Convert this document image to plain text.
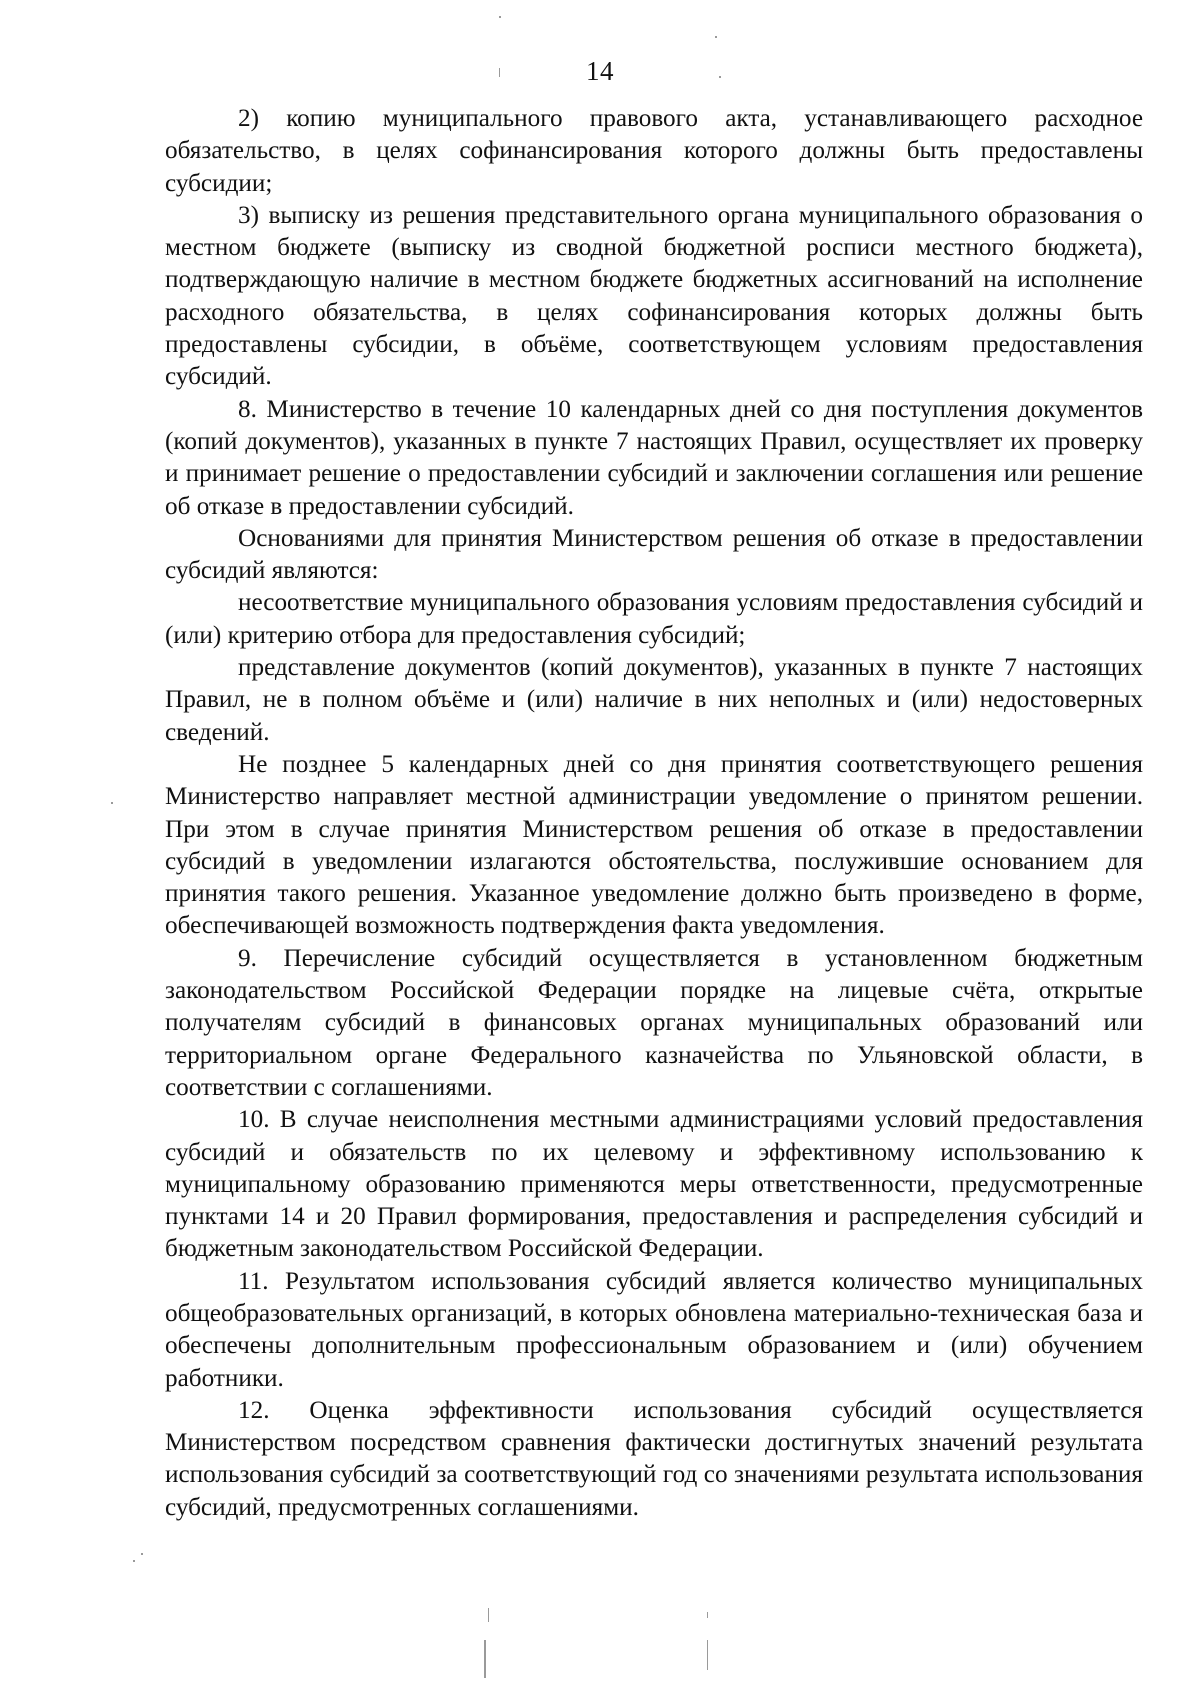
14

2) копию муниципального правового акта, устанавливающего расходное обязательство, в целях софинансирования которого должны быть предоставлены субсидии;

3) выписку из решения представительного органа муниципального образования о местном бюджете (выписку из сводной бюджетной росписи местного бюджета), подтверждающую наличие в местном бюджете бюджетных ассигнований на исполнение расходного обязательства, в целях софинансирования которых должны быть предоставлены субсидии, в объёме, соответствующем условиям предоставления субсидий.

8. Министерство в течение 10 календарных дней со дня поступления документов (копий документов), указанных в пункте 7 настоящих Правил, осуществляет их проверку и принимает решение о предоставлении субсидий и заключении соглашения или решение об отказе в предоставлении субсидий.

Основаниями для принятия Министерством решения об отказе в предоставлении субсидий являются:

несоответствие муниципального образования условиям предоставления субсидий и (или) критерию отбора для предоставления субсидий;

представление документов (копий документов), указанных в пункте 7 настоящих Правил, не в полном объёме и (или) наличие в них неполных и (или) недостоверных сведений.

Не позднее 5 календарных дней со дня принятия соответствующего решения Министерство направляет местной администрации уведомление о принятом решении. При этом в случае принятия Министерством решения об отказе в предоставлении субсидий в уведомлении излагаются обстоятельства, послужившие основанием для принятия такого решения. Указанное уведомление должно быть произведено в форме, обеспечивающей возможность подтверждения факта уведомления.

9. Перечисление субсидий осуществляется в установленном бюджетным законодательством Российской Федерации порядке на лицевые счёта, открытые получателям субсидий в финансовых органах муниципальных образований или территориальном органе Федерального казначейства по Ульяновской области, в соответствии с соглашениями.

10. В случае неисполнения местными администрациями условий предоставления субсидий и обязательств по их целевому и эффективному использованию к муниципальному образованию применяются меры ответственности, предусмотренные пунктами 14 и 20 Правил формирования, предоставления и распределения субсидий и бюджетным законодательством Российской Федерации.

11. Результатом использования субсидий является количество муниципальных общеобразовательных организаций, в которых обновлена материально-техническая база и обеспечены дополнительным профессиональным образованием и (или) обучением работники.

12. Оценка эффективности использования субсидий осуществляется Министерством посредством сравнения фактически достигнутых значений результата использования субсидий за соответствующий год со значениями результата использования субсидий, предусмотренных соглашениями.
